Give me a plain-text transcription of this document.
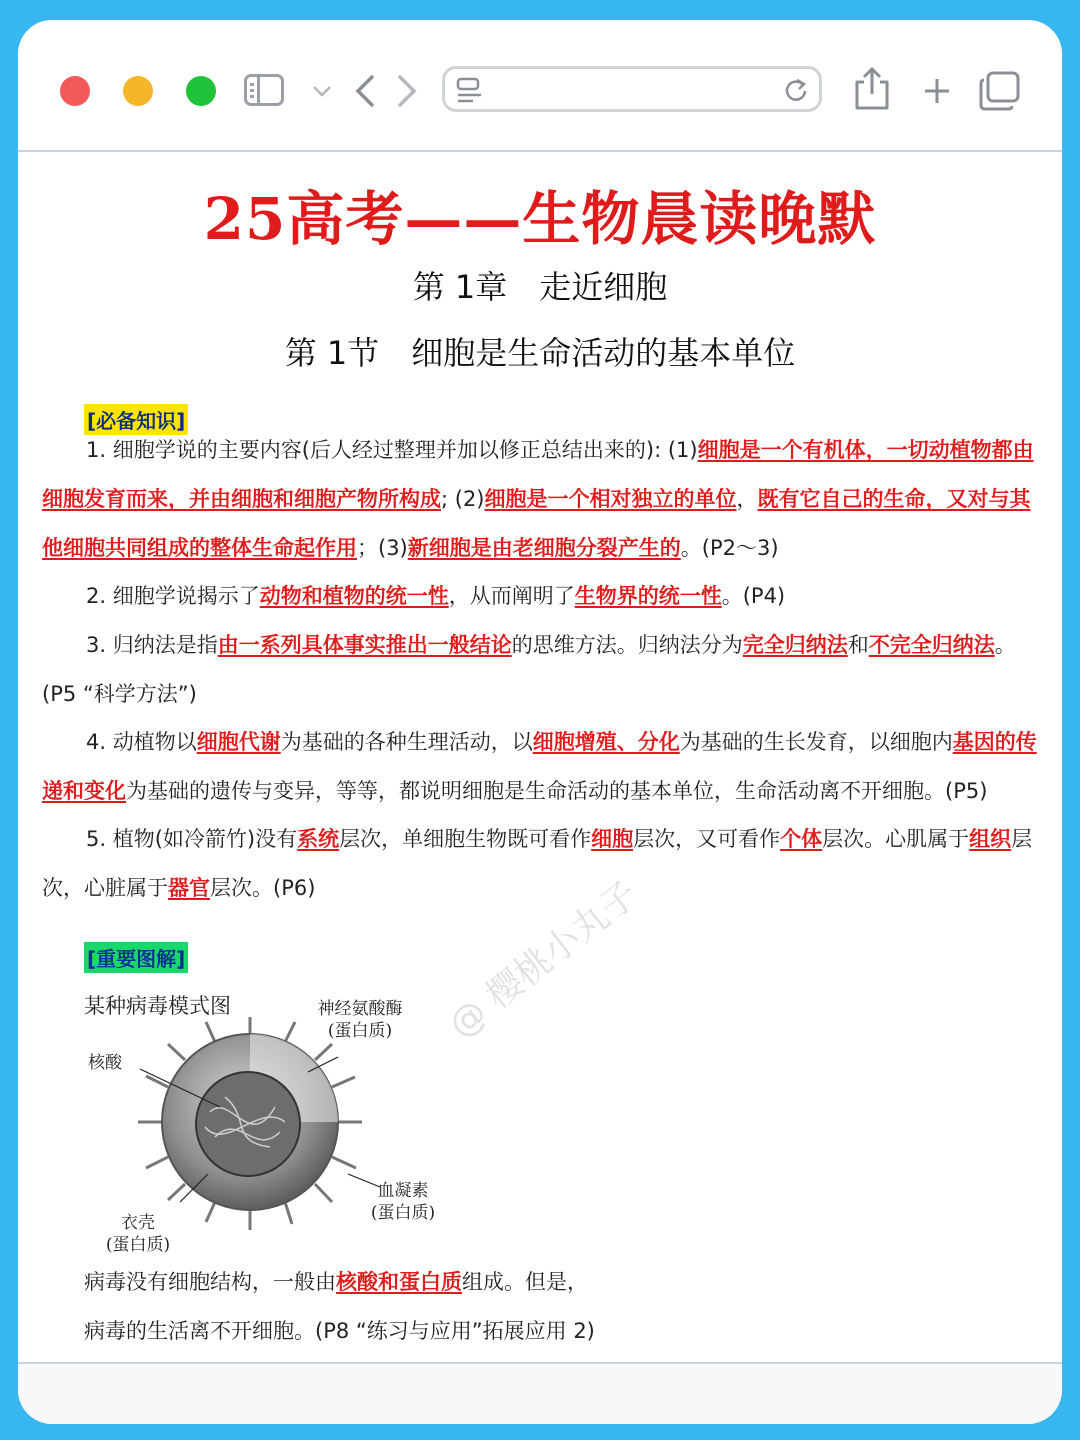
@ 樱桃小丸子
25高考——生物晨读晚默
第 1章　走近细胞
第 1节　细胞是生命活动的基本单位
[必备知识]
1. 细胞学说的主要内容(后人经过整理并加以修正总结出来的): (1)细胞是一个有机体，一切动植物都由细胞发育而来，并由细胞和细胞产物所构成; (2)细胞是一个相对独立的单位，既有它自己的生命，又对与其他细胞共同组成的整体生命起作用；(3)新细胞是由老细胞分裂产生的。(P2～3)
2. 细胞学说揭示了动物和植物的统一性，从而阐明了生物界的统一性。(P4)
3. 归纳法是指由一系列具体事实推出一般结论的思维方法。归纳法分为完全归纳法和不完全归纳法。(P5 “科学方法”)
4. 动植物以细胞代谢为基础的各种生理活动，以细胞增殖、分化为基础的生长发育，以细胞内基因的传递和变化为基础的遗传与变异，等等，都说明细胞是生命活动的基本单位，生命活动离不开细胞。(P5)
5. 植物(如冷箭竹)没有系统层次，单细胞生物既可看作细胞层次，又可看作个体层次。心肌属于组织层次，心脏属于器官层次。(P6)
[重要图解]
某种病毒模式图	神经氨酸酶
(蛋白质)
核酸
血凝素
(蛋白质)
衣壳
(蛋白质)
病毒没有细胞结构，一般由核酸和蛋白质组成。但是，
病毒的生活离不开细胞。(P8 “练习与应用”拓展应用 2)
